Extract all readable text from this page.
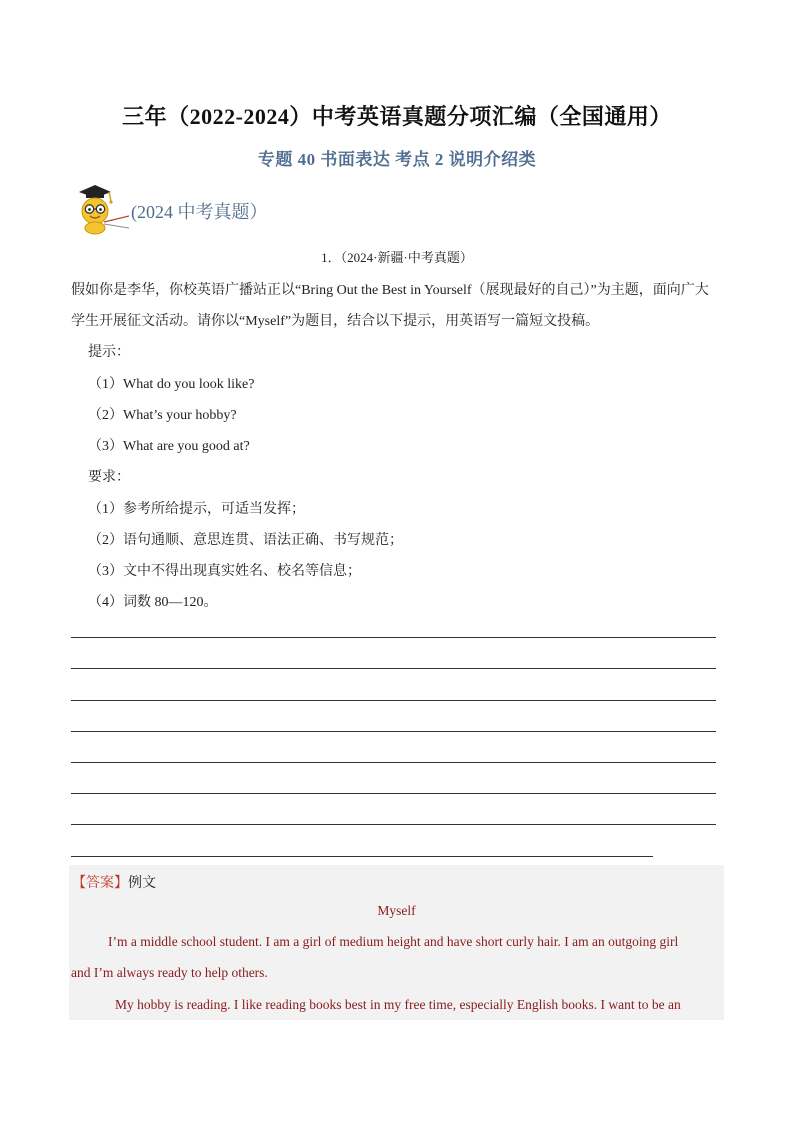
三年（2022-2024）中考英语真题分项汇编（全国通用）
专题 40 书面表达 考点 2 说明介绍类
(2024 中考真题）
1．（2024·新疆·中考真题）
假如你是李华，你校英语广播站正以“Bring Out the Best in Yourself（展现最好的自己）”为主题，面向广大
学生开展征文活动。请你以“Myself”为题目，结合以下提示，用英语写一篇短文投稿。
提示：
（1）What do you look like?
（2）What’s your hobby?
（3）What are you good at?
要求：
（1）参考所给提示，可适当发挥；
（2）语句通顺、意思连贯、语法正确、书写规范；
（3）文中不得出现真实姓名、校名等信息；
（4）词数 80—120。
【答案】例文
Myself
I’m a middle school student. I am a girl of medium height and have short curly hair. I am an outgoing girl
and I’m always ready to help others.
My hobby is reading. I like reading books best in my free time, especially English books. I want to be an
